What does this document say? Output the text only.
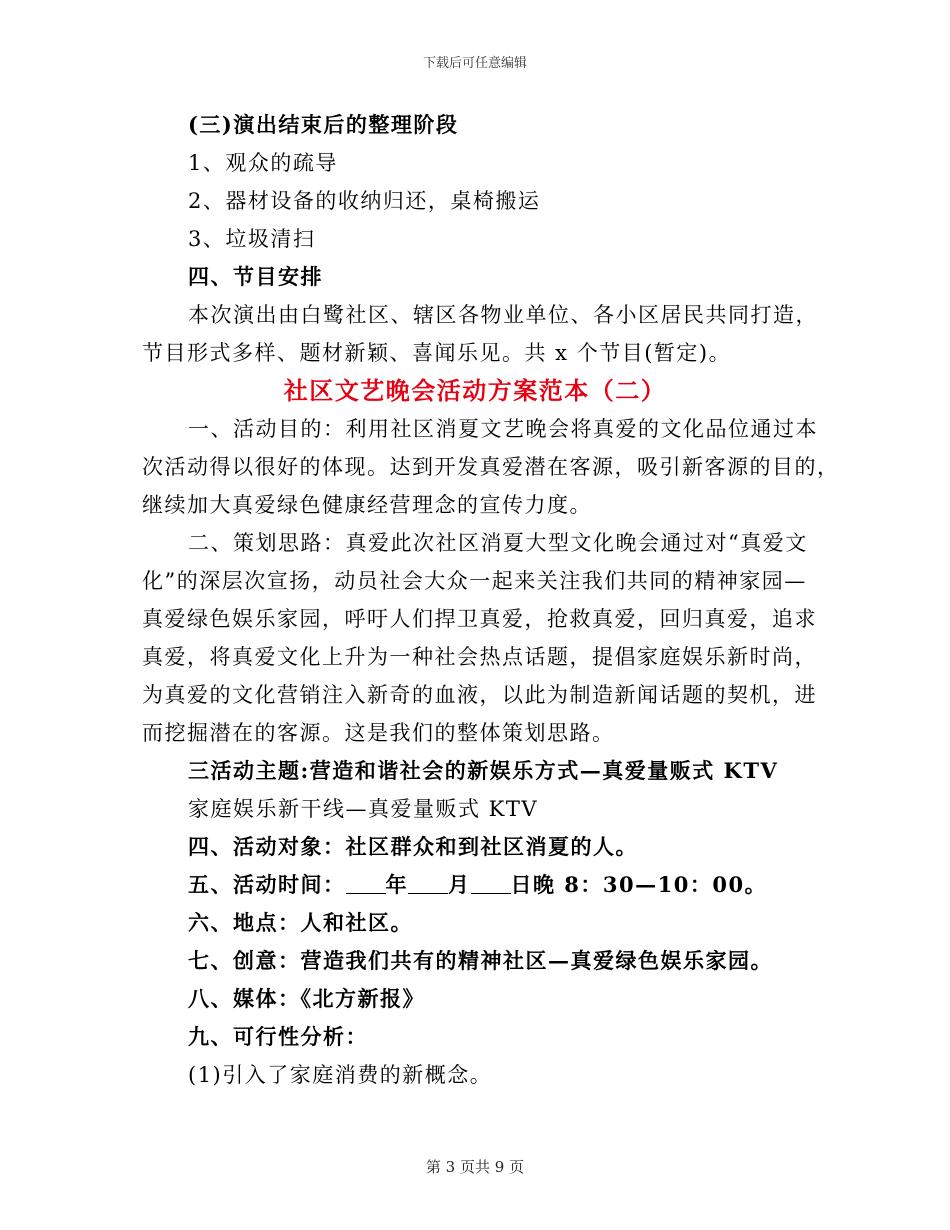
下载后可任意编辑
(三)演出结束后的整理阶段
1、观众的疏导
2、器材设备的收纳归还，桌椅搬运
3、垃圾清扫
四、节目安排
本次演出由白鹭社区、辖区各物业单位、各小区居民共同打造，
节目形式多样、题材新颖、喜闻乐见。共 x 个节目(暂定)。
社区文艺晚会活动方案范本（二）
一、活动目的：利用社区消夏文艺晚会将真爱的文化品位通过本
次活动得以很好的体现。达到开发真爱潜在客源，吸引新客源的目的，
继续加大真爱绿色健康经营理念的宣传力度。
二、策划思路：真爱此次社区消夏大型文化晚会通过对“真爱文
化”的深层次宣扬，动员社会大众一起来关注我们共同的精神家园—
真爱绿色娱乐家园，呼吁人们捍卫真爱，抢救真爱，回归真爱，追求
真爱，将真爱文化上升为一种社会热点话题，提倡家庭娱乐新时尚，
为真爱的文化营销注入新奇的血液，以此为制造新闻话题的契机，进
而挖掘潜在的客源。这是我们的整体策划思路。
三活动主题:营造和谐社会的新娱乐方式—真爱量贩式 KTV
家庭娱乐新干线—真爱量贩式 KTV
四、活动对象：社区群众和到社区消夏的人。
五、活动时间： 年 月 日晚 8：30—10：00。
六、地点：人和社区。
七、创意：营造我们共有的精神社区—真爱绿色娱乐家园。
八、媒体：《北方新报》
九、可行性分析：
(1)引入了家庭消费的新概念。
第 3 页共 9 页
